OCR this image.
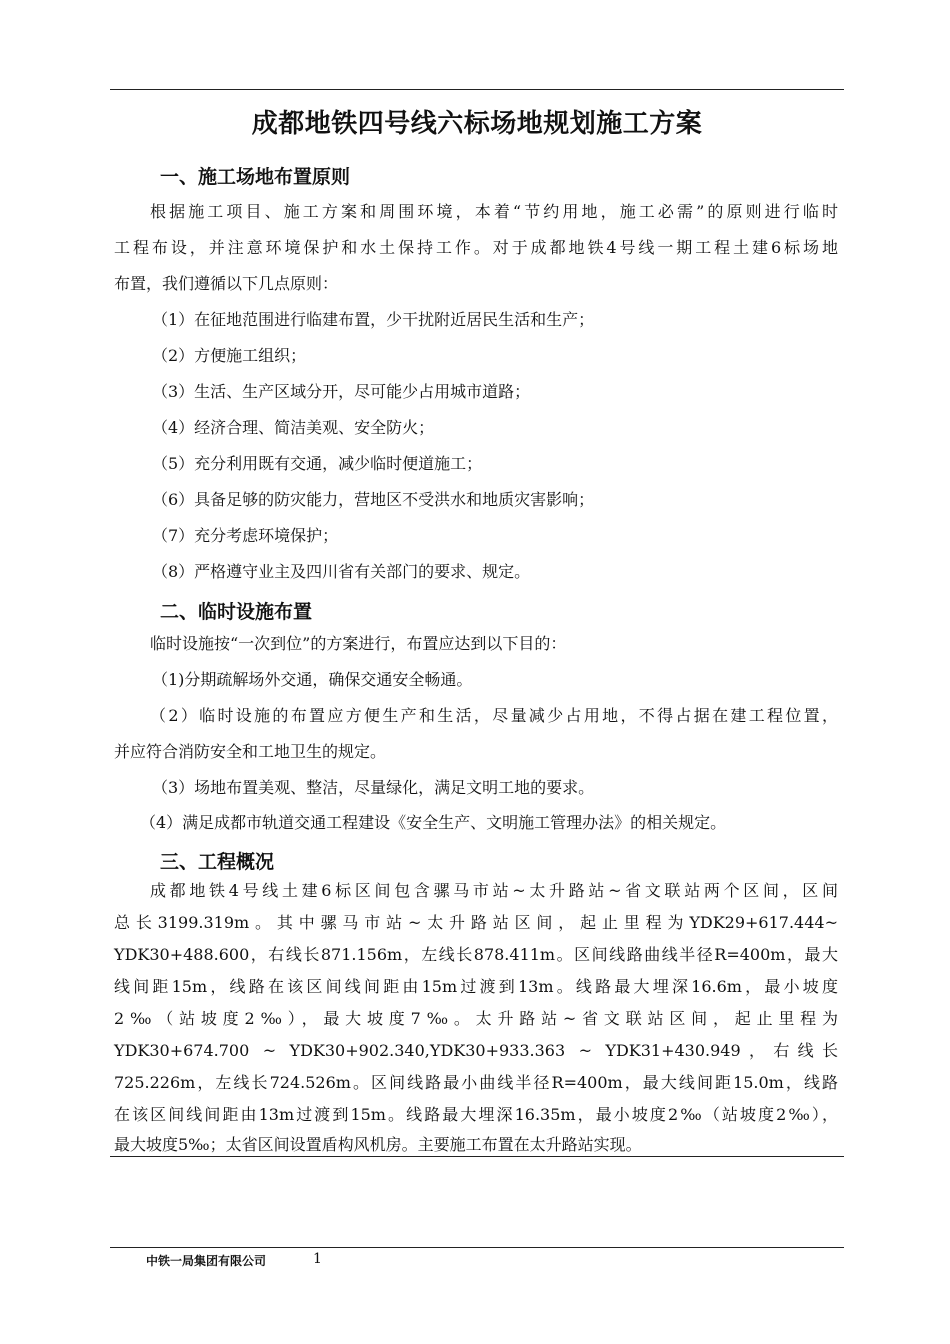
成都地铁四号线六标场地规划施工方案
一、施工场地布置原则
根据施工项目、施工方案和周围环境，本着“节约用地，施工必需”的原则进行临时
工程布设，并注意环境保护和水土保持工作。对于成都地铁4号线一期工程土建6标场地
布置，我们遵循以下几点原则：
（1）在征地范围进行临建布置，少干扰附近居民生活和生产；
（2）方便施工组织；
（3）生活、生产区域分开，尽可能少占用城市道路；
（4）经济合理、简洁美观、安全防火；
（5）充分利用既有交通，减少临时便道施工；
（6）具备足够的防灾能力，营地区不受洪水和地质灾害影响；
（7）充分考虑环境保护；
（8）严格遵守业主及四川省有关部门的要求、规定。
二、临时设施布置
临时设施按“一次到位”的方案进行，布置应达到以下目的：
（1)分期疏解场外交通，确保交通安全畅通。
（2）临时设施的布置应方便生产和生活，尽量减少占用地，不得占据在建工程位置，
并应符合消防安全和工地卫生的规定。
（3）场地布置美观、整洁，尽量绿化，满足文明工地的要求。
（4）满足成都市轨道交通工程建设《安全生产、文明施工管理办法》的相关规定。
三、工程概况
成都地铁4号线土建6标区间包含骡马市站~太升路站~省文联站两个区间，区间
总长3199.319m。其中骡马市站~太升路站区间，起止里程为YDK29+617.444~
YDK30+488.600，右线长871.156m，左线长878.411m。区间线路曲线半径R=400m，最大
线间距15m，线路在该区间线间距由15m过渡到13m。线路最大埋深16.6m，最小坡度
2‰（站坡度2‰），最大坡度7‰。太升路站~省文联站区间，起止里程为
YDK30+674.700 ~ YDK30+902.340,YDK30+933.363 ~ YDK31+430.949，右线长
725.226m，左线长724.526m。区间线路最小曲线半径R=400m，最大线间距15.0m，线路
在该区间线间距由13m过渡到15m。线路最大埋深16.35m，最小坡度2‰（站坡度2‰），
最大坡度5‰；太省区间设置盾构风机房。主要施工布置在太升路站实现。
中铁一局集团有限公司	1
